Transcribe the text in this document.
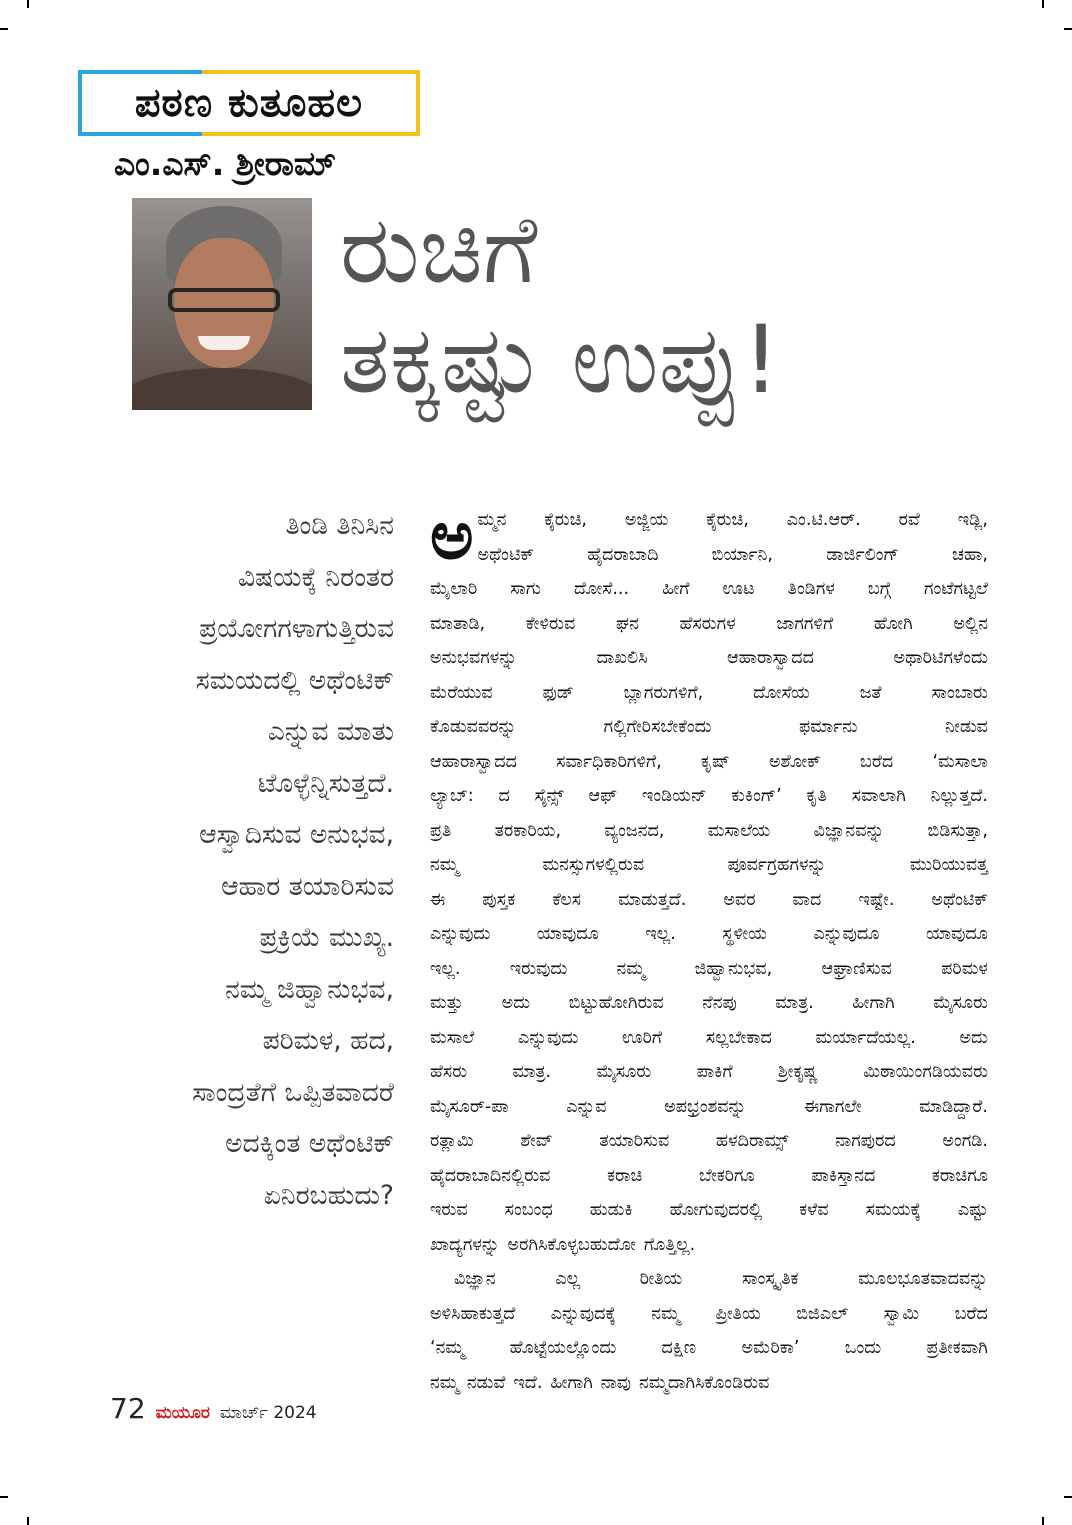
ಪಠಣ ಕುತೂಹಲ
ಎಂ.ಎಸ್. ಶ್ರೀರಾಮ್
ರುಚಿಗೆ
ತಕ್ಕಷ್ಟು ಉಪ್ಪು!
ತಿಂಡಿ ತಿನಿಸಿನ
ವಿಷಯಕ್ಕೆ ನಿರಂತರ
ಪ್ರಯೋಗಗಳಾಗುತ್ತಿರುವ
ಸಮಯದಲ್ಲಿ ಅಥೆಂಟಿಕ್
ಎನ್ನುವ ಮಾತು
ಟೊಳ್ಳೆನ್ನಿಸುತ್ತದೆ.
ಆಸ್ವಾದಿಸುವ ಅನುಭವ,
ಆಹಾರ ತಯಾರಿಸುವ
ಪ್ರಕ್ರಿಯೆ ಮುಖ್ಯ.
ನಮ್ಮ ಜಿಹ್ವಾನುಭವ,
ಪರಿಮಳ, ಹದ,
ಸಾಂದ್ರತೆಗೆ ಒಪ್ಪಿತವಾದರೆ
ಅದಕ್ಕಿಂತ ಅಥೆಂಟಿಕ್
ಏನಿರಬಹುದು?
ಅ ಮ್ಮನ ಕೈರುಚಿ, ಅಜ್ಜಿಯ ಕೈರುಚಿ, ಎಂ.ಟಿ.ಆರ್. ರವೆ ಇಡ್ಲಿ,
ಅಥೆಂಟಿಕ್	ಹೈದರಾಬಾದಿ	ಬಿರ್ಯಾನಿ,	ಡಾರ್ಜಿಲಿಂಗ್	ಚಹಾ,
ಮೈಲಾರಿ ಸಾಗು ದೋಸೆ... ಹೀಗೆ ಊಟ ತಿಂಡಿಗಳ ಬಗ್ಗೆ ಗಂಟೆಗಟ್ಟಲೆ
ಮಾತಾಡಿ, ಕೇಳಿರುವ ಘನ ಹೆಸರುಗಳ ಜಾಗಗಳಿಗೆ ಹೋಗಿ ಅಲ್ಲಿನ
ಅನುಭವಗಳನ್ನು	ದಾಖಲಿಸಿ	ಆಹಾರಾಸ್ವಾದದ	ಅಥಾರಿಟಿಗಳೆಂದು
ಮೆರೆಯುವ	ಫುಡ್	ಬ್ಲಾಗರುಗಳಿಗೆ,	ದೋಸೆಯ	ಜತೆ	ಸಾಂಬಾರು
ಕೊಡುವವರನ್ನು	ಗಲ್ಲಿಗೇರಿಸಬೇಕೆಂದು	ಫರ್ಮಾನು	ನೀಡುವ
ಆಹಾರಾಸ್ವಾದದ ಸರ್ವಾಧಿಕಾರಿಗಳಿಗೆ, ಕೃಷ್ ಅಶೋಕ್ ಬರೆದ ‘ಮಸಾಲಾ
ಲ್ಯಾಬ್: ದ ಸೈನ್ಸ್ ಆಫ್ ಇಂಡಿಯನ್ ಕುಕಿಂಗ್’ ಕೃತಿ ಸವಾಲಾಗಿ ನಿಲ್ಲುತ್ತದೆ.
ಪ್ರತಿ ತರಕಾರಿಯ, ವ್ಯಂಜನದ, ಮಸಾಲೆಯ ವಿಜ್ಞಾನವನ್ನು ಬಿಡಿಸುತ್ತಾ,
ನಮ್ಮ	ಮನಸ್ಸುಗಳಲ್ಲಿರುವ	ಪೂರ್ವಗ್ರಹಗಳನ್ನು	ಮುರಿಯುವತ್ತ
ಈ ಪುಸ್ತಕ ಕೆಲಸ ಮಾಡುತ್ತದೆ. ಅವರ ವಾದ ಇಷ್ಟೇ. ಅಥೆಂಟಿಕ್
ಎನ್ನುವುದು	ಯಾವುದೂ	ಇಲ್ಲ.	ಸ್ಥಳೀಯ	ಎನ್ನುವುದೂ	ಯಾವುದೂ
ಇಲ್ಲ.	ಇರುವುದು	ನಮ್ಮ	ಜಿಹ್ವಾನುಭವ,	ಆಘ್ರಾಣಿಸುವ	ಪರಿಮಳ
ಮತ್ತು ಅದು ಬಿಟ್ಟುಹೋಗಿರುವ ನೆನಪು ಮಾತ್ರ. ಹೀಗಾಗಿ ಮೈಸೂರು
ಮಸಾಲೆ ಎನ್ನುವುದು ಊರಿಗೆ ಸಲ್ಲಬೇಕಾದ ಮರ್ಯಾದೆಯಲ್ಲ. ಅದು
ಹೆಸರು	ಮಾತ್ರ.	ಮೈಸೂರು	ಪಾಕಿಗೆ	ಶ್ರೀಕೃಷ್ಣ	ಮಿಠಾಯಿಂಗಡಿಯವರು
ಮೈಸೂರ್-ಪಾ	ಎನ್ನುವ	ಅಪಭ್ರಂಶವನ್ನು	ಈಗಾಗಲೇ	ಮಾಡಿದ್ದಾರೆ.
ರತ್ಲಾಮಿ	ಶೇವ್	ತಯಾರಿಸುವ	ಹಳದಿರಾಮ್ಸ್	ನಾಗಪುರದ	ಅಂಗಡಿ.
ಹೈದರಾಬಾದಿನಲ್ಲಿರುವ	ಕರಾಚಿ	ಬೇಕರಿಗೂ	ಪಾಕಿಸ್ತಾನದ	ಕರಾಚಿಗೂ
ಇರುವ ಸಂಬಂಧ ಹುಡುಕಿ ಹೋಗುವುದರಲ್ಲಿ ಕಳೆವ ಸಮಯಕ್ಕೆ ಎಷ್ಟು
ಖಾದ್ಯಗಳನ್ನು ಅರಗಿಸಿಕೊಳ್ಳಬಹುದೋ ಗೊತ್ತಿಲ್ಲ.
ವಿಜ್ಞಾನ	ಎಲ್ಲ	ರೀತಿಯ	ಸಾಂಸ್ಕೃತಿಕ	ಮೂಲಭೂತವಾದವನ್ನು
ಅಳಿಸಿಹಾಕುತ್ತದೆ ಎನ್ನುವುದಕ್ಕೆ ನಮ್ಮ ಪ್ರೀತಿಯ ಬಿಜಿಎಲ್ ಸ್ವಾಮಿ ಬರೆದ
‘ನಮ್ಮ	ಹೊಟ್ಟೆಯಲ್ಲೊಂದು	ದಕ್ಷಿಣ	ಅಮೆರಿಕಾ’	ಒಂದು	ಪ್ರತೀಕವಾಗಿ
ನಮ್ಮ ನಡುವೆ ಇದೆ. ಹೀಗಾಗಿ ನಾವು ನಮ್ಮದಾಗಿಸಿಕೊಂಡಿರುವ
72 ಮಯೂರ ಮಾರ್ಚ್ 2024
